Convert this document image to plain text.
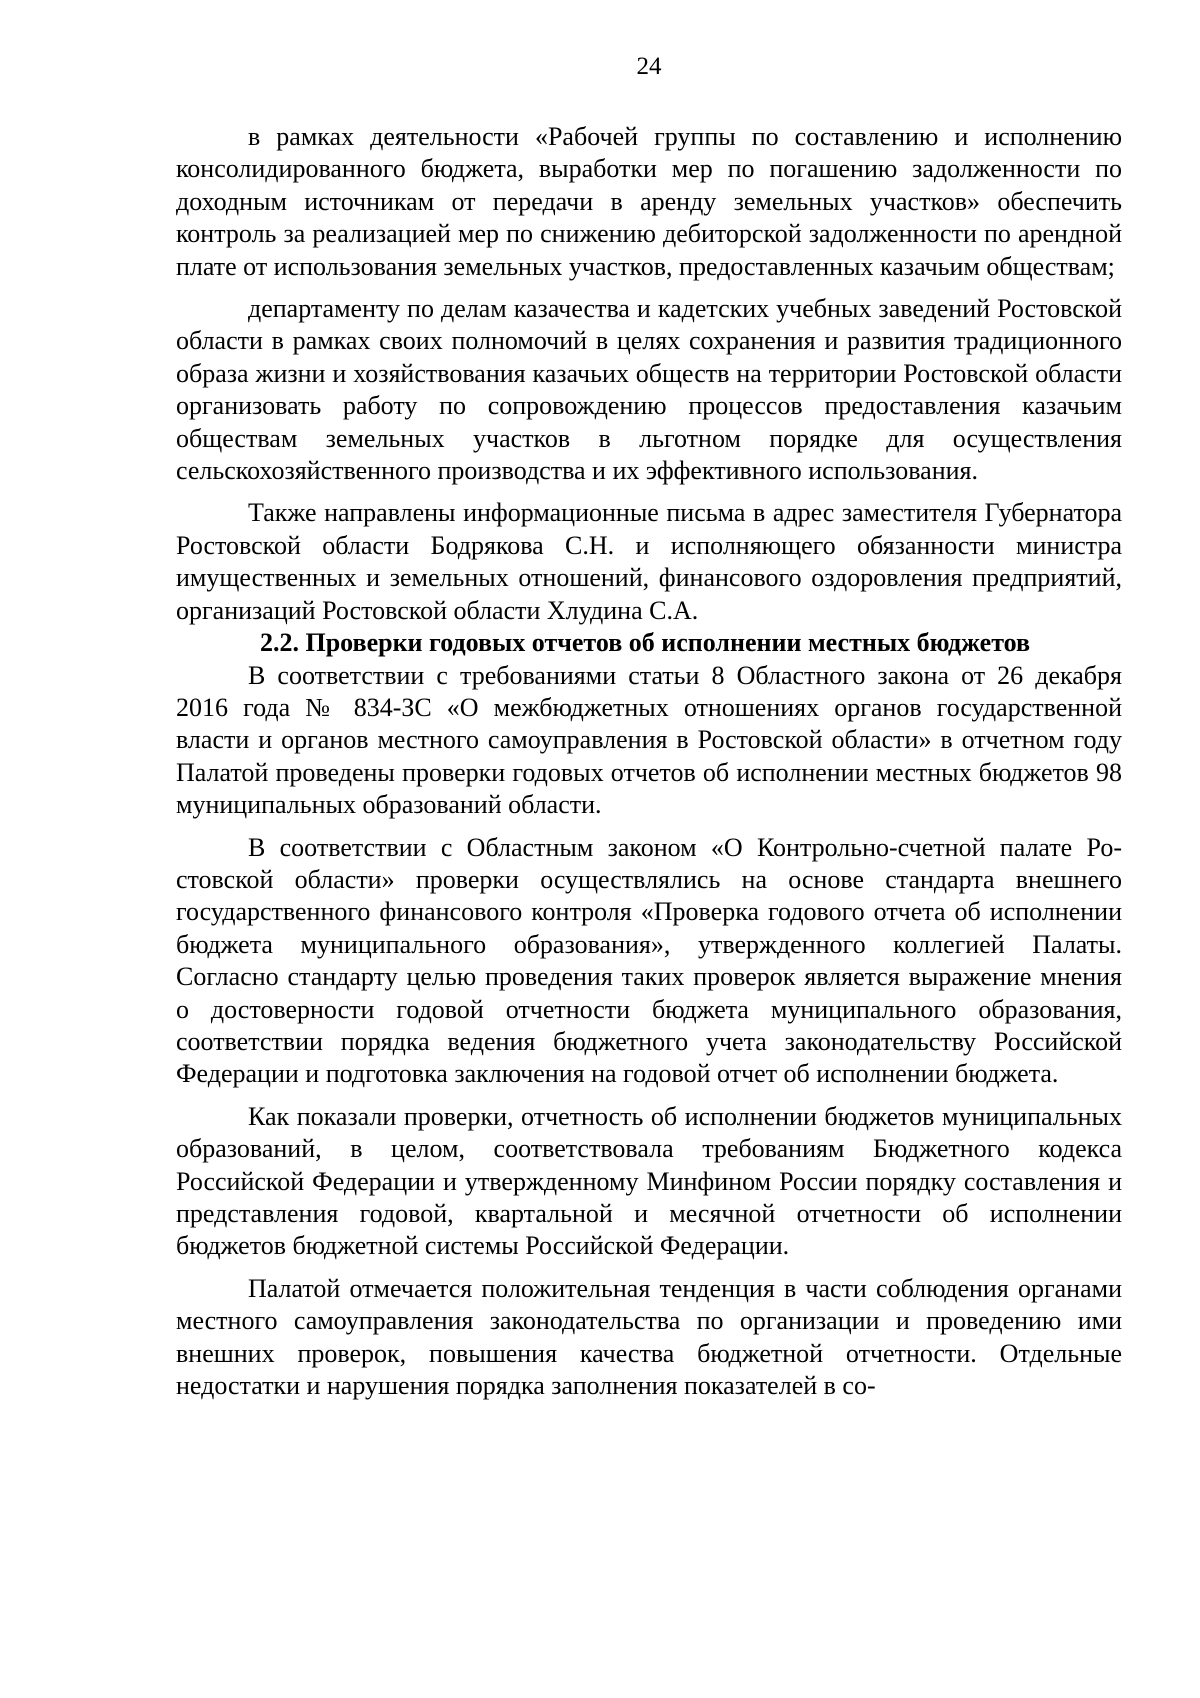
24

в рамках деятельности «Рабочей группы по составлению и исполнению консолидированного бюджета, выработки мер по погашению задолженности по доходным источникам от передачи в аренду земельных участков» обеспечить контроль за реализацией мер по снижению дебиторской задолженности по арендной плате от использования земельных участков, предоставленных казачьим обществам;

департаменту по делам казачества и кадетских учебных заведений Ростовской области в рамках своих полномочий в целях сохранения и развития традиционного образа жизни и хозяйствования казачьих обществ на территории Ростовской области организовать работу по сопровождению процессов предоставления казачьим обществам земельных участков в льготном порядке для осуществления сельскохозяйственного производства и их эффективного использования.

Также направлены информационные письма в адрес заместителя Губернатора Ростовской области Бодрякова С.Н. и исполняющего обязанности министра имущественных и земельных отношений, финансового оздоровления предприятий, организаций Ростовской области Хлудина С.А.

2.2. Проверки годовых отчетов об исполнении местных бюджетов

В соответствии с требованиями статьи 8 Областного закона от 26 декабря 2016 года № 834-ЗС «О межбюджетных отношениях органов государственной власти и органов местного самоуправления в Ростовской области» в отчетном году Палатой проведены проверки годовых отчетов об исполнении местных бюджетов 98 муниципальных образований области.

В соответствии с Областным законом «О Контрольно-счетной палате Ростовской области» проверки осуществлялись на основе стандарта внешнего государственного финансового контроля «Проверка годового отчета об исполнении бюджета муниципального образования», утвержденного коллегией Палаты. Согласно стандарту целью проведения таких проверок является выражение мнения о достоверности годовой отчетности бюджета муниципального образования, соответствии порядка ведения бюджетного учета законодательству Российской Федерации и подготовка заключения на годовой отчет об исполнении бюджета.

Как показали проверки, отчетность об исполнении бюджетов муниципальных образований, в целом, соответствовала требованиям Бюджетного кодекса Российской Федерации и утвержденному Минфином России порядку составления и представления годовой, квартальной и месячной отчетности об исполнении бюджетов бюджетной системы Российской Федерации.

Палатой отмечается положительная тенденция в части соблюдения органами местного самоуправления законодательства по организации и проведению ими внешних проверок, повышения качества бюджетной отчетности. Отдельные недостатки и нарушения порядка заполнения показателей в со-
